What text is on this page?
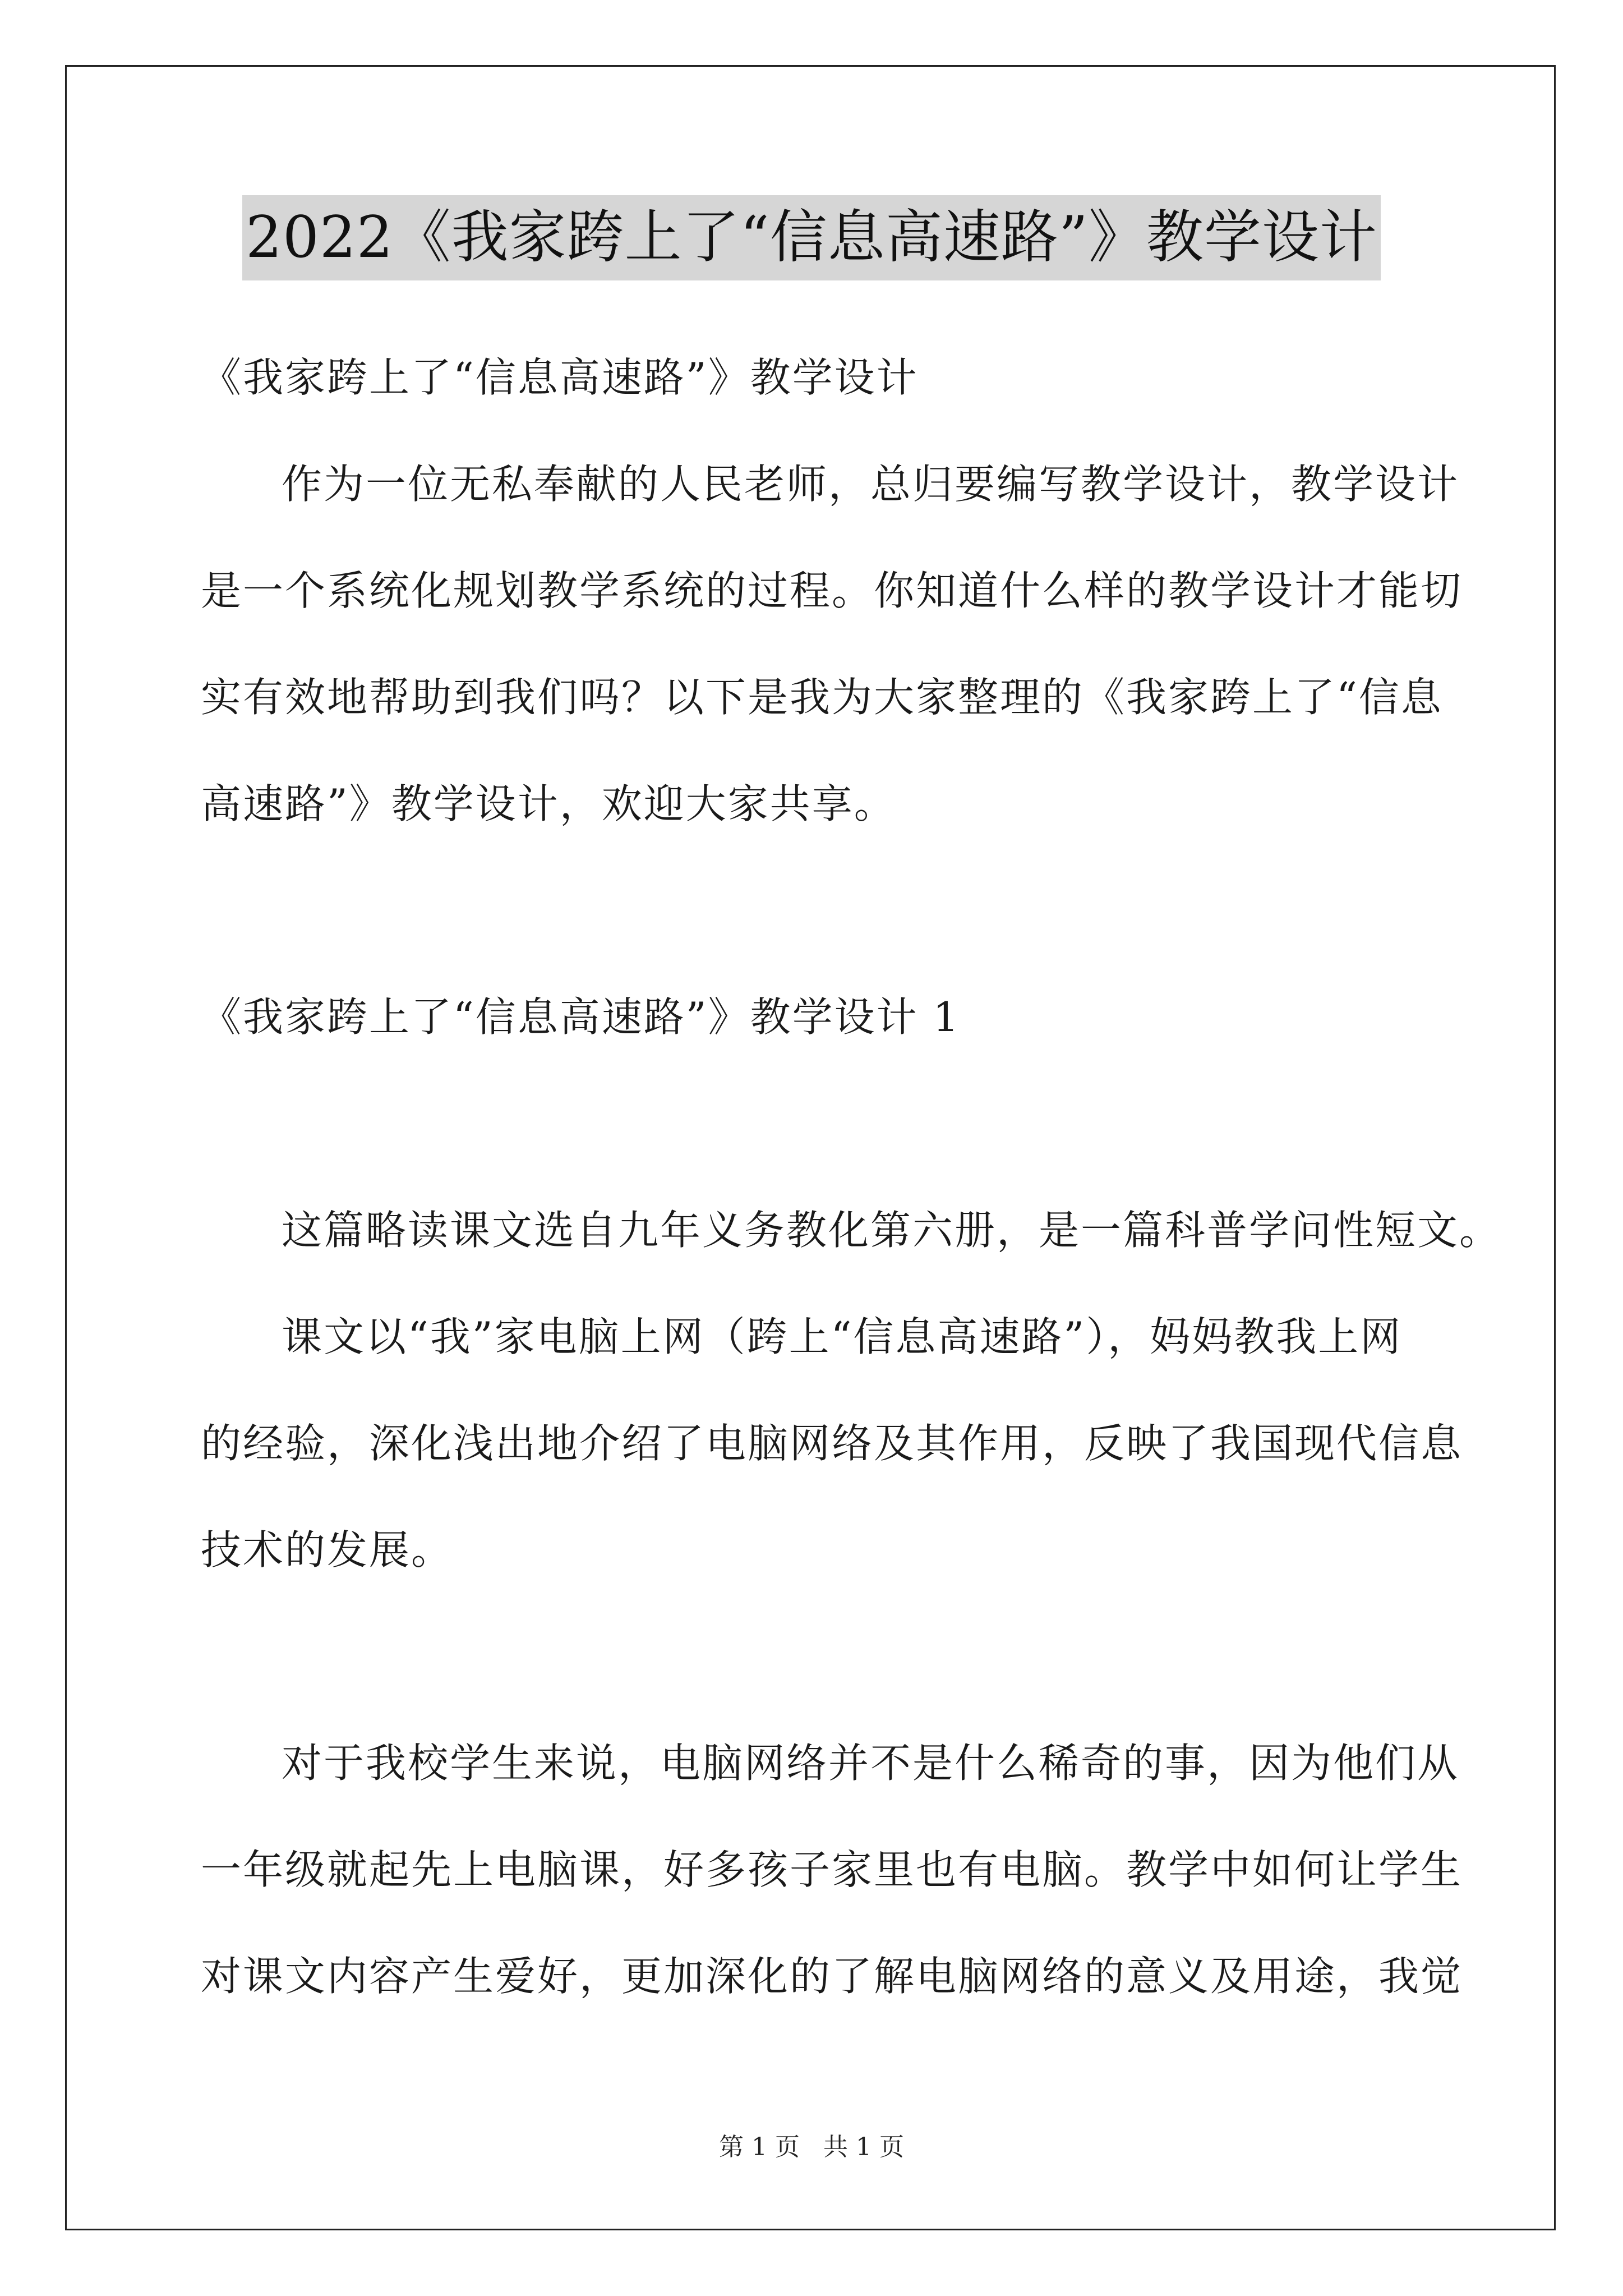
2022《我家跨上了“信息高速路”》教学设计
《我家跨上了“信息高速路”》教学设计
作为一位无私奉献的人民老师，总归要编写教学设计，教学设计
是一个系统化规划教学系统的过程。你知道什么样的教学设计才能切
实有效地帮助到我们吗？以下是我为大家整理的《我家跨上了“信息
高速路”》教学设计，欢迎大家共享。
《我家跨上了“信息高速路”》教学设计 1
这篇略读课文选自九年义务教化第六册，是一篇科普学问性短文。
课文以“我”家电脑上网（跨上“信息高速路”），妈妈教我上网
的经验，深化浅出地介绍了电脑网络及其作用，反映了我国现代信息
技术的发展。
对于我校学生来说，电脑网络并不是什么稀奇的事，因为他们从
一年级就起先上电脑课，好多孩子家里也有电脑。教学中如何让学生
对课文内容产生爱好，更加深化的了解电脑网络的意义及用途，我觉
第 1 页 共 1 页
